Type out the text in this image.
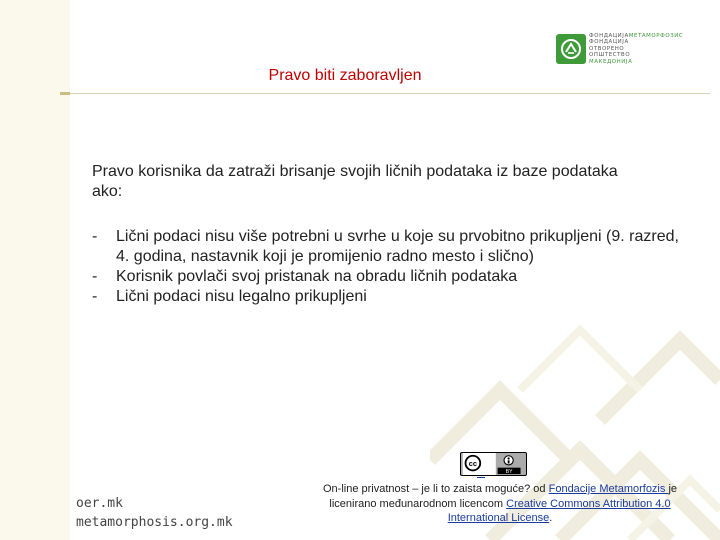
ФОНДАЦИЈАМЕТАМОРФОЗИС
ФОНДАЦИЈА
ОТВОРЕНО
ОПШТЕСТВО
МАКЕДОНИЈА
Pravo biti zaboravljen

Pravo korisnika da zatraži brisanje svojih ličnih podataka iz baze podataka ako:

- Lični podaci nisu više potrebni u svrhe u koje su prvobitno prikupljeni (9. razred, 4. godina, nastavnik koji je promijenio radno mesto i slično)
- Korisnik povlači svoj pristanak na obradu ličnih podataka
- Lični podaci nisu legalno prikupljeni
oer.mk
metamorphosis.org.mk
cc
BY
On-line privatnost – je li to zaista moguće? od Fondacije Metamorfozis je licenirano međunarodnom licencom Creative Commons Attribution 4.0 International License.
